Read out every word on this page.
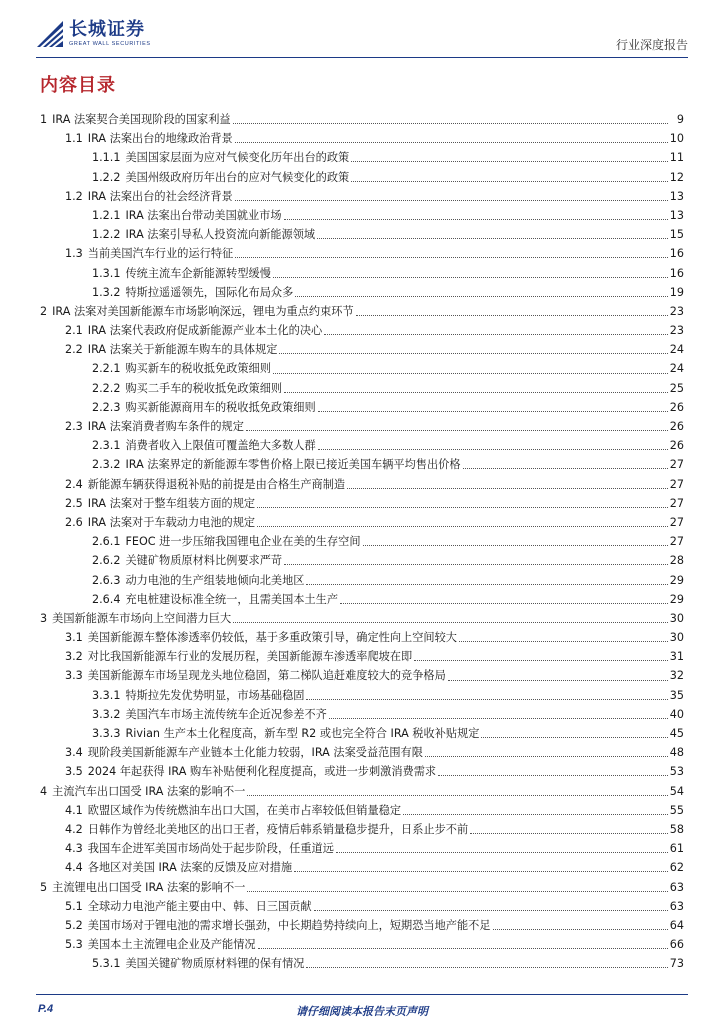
长城证券
GREAT WALL SECURITIES	行业深度报告
内容目录
1 IRA 法案契合美国现阶段的国家利益	9
1.1 IRA 法案出台的地缘政治背景	10
1.1.1 美国国家层面为应对气候变化历年出台的政策	11
1.2.2 美国州级政府历年出台的应对气候变化的政策	12
1.2 IRA 法案出台的社会经济背景	13
1.2.1 IRA 法案出台带动美国就业市场	13
1.2.2 IRA 法案引导私人投资流向新能源领域	15
1.3 当前美国汽车行业的运行特征	16
1.3.1 传统主流车企新能源转型缓慢	16
1.3.2 特斯拉遥遥领先，国际化布局众多	19
2 IRA 法案对美国新能源车市场影响深远，锂电为重点约束环节	23
2.1 IRA 法案代表政府促成新能源产业本土化的决心	23
2.2 IRA 法案关于新能源车购车的具体规定	24
2.2.1 购买新车的税收抵免政策细则	24
2.2.2 购买二手车的税收抵免政策细则	25
2.2.3 购买新能源商用车的税收抵免政策细则	26
2.3 IRA 法案消费者购车条件的规定	26
2.3.1 消费者收入上限值可覆盖绝大多数人群	26
2.3.2 IRA 法案界定的新能源车零售价格上限已接近美国车辆平均售出价格	27
2.4 新能源车辆获得退税补贴的前提是由合格生产商制造	27
2.5 IRA 法案对于整车组装方面的规定	27
2.6 IRA 法案对于车载动力电池的规定	27
2.6.1 FEOC 进一步压缩我国锂电企业在美的生存空间	27
2.6.2 关键矿物质原材料比例要求严苛	28
2.6.3 动力电池的生产组装地倾向北美地区	29
2.6.4 充电桩建设标准全统一，且需美国本土生产	29
3 美国新能源车市场向上空间潜力巨大	30
3.1 美国新能源车整体渗透率仍较低，基于多重政策引导，确定性向上空间较大	30
3.2 对比我国新能源车行业的发展历程，美国新能源车渗透率爬坡在即	31
3.3 美国新能源车市场呈现龙头地位稳固，第二梯队追赶难度较大的竞争格局	32
3.3.1 特斯拉先发优势明显，市场基础稳固	35
3.3.2 美国汽车市场主流传统车企近况参差不齐	40
3.3.3 Rivian 生产本土化程度高，新车型 R2 或也完全符合 IRA 税收补贴规定	45
3.4 现阶段美国新能源车产业链本土化能力较弱，IRA 法案受益范围有限	48
3.5 2024 年起获得 IRA 购车补贴便利化程度提高，或进一步刺激消费需求	53
4 主流汽车出口国受 IRA 法案的影响不一	54
4.1 欧盟区域作为传统燃油车出口大国，在美市占率较低但销量稳定	55
4.2 日韩作为曾经北美地区的出口王者，疫情后韩系销量稳步提升，日系止步不前	58
4.3 我国车企进军美国市场尚处于起步阶段，任重道远	61
4.4 各地区对美国 IRA 法案的反馈及应对措施	62
5 主流锂电出口国受 IRA 法案的影响不一	63
5.1 全球动力电池产能主要由中、韩、日三国贡献	63
5.2 美国市场对于锂电池的需求增长强劲，中长期趋势持续向上，短期恐当地产能不足	64
5.3 美国本土主流锂电企业及产能情况	66
5.3.1 美国关键矿物质原材料锂的保有情况	73
P.4	请仔细阅读本报告末页声明
